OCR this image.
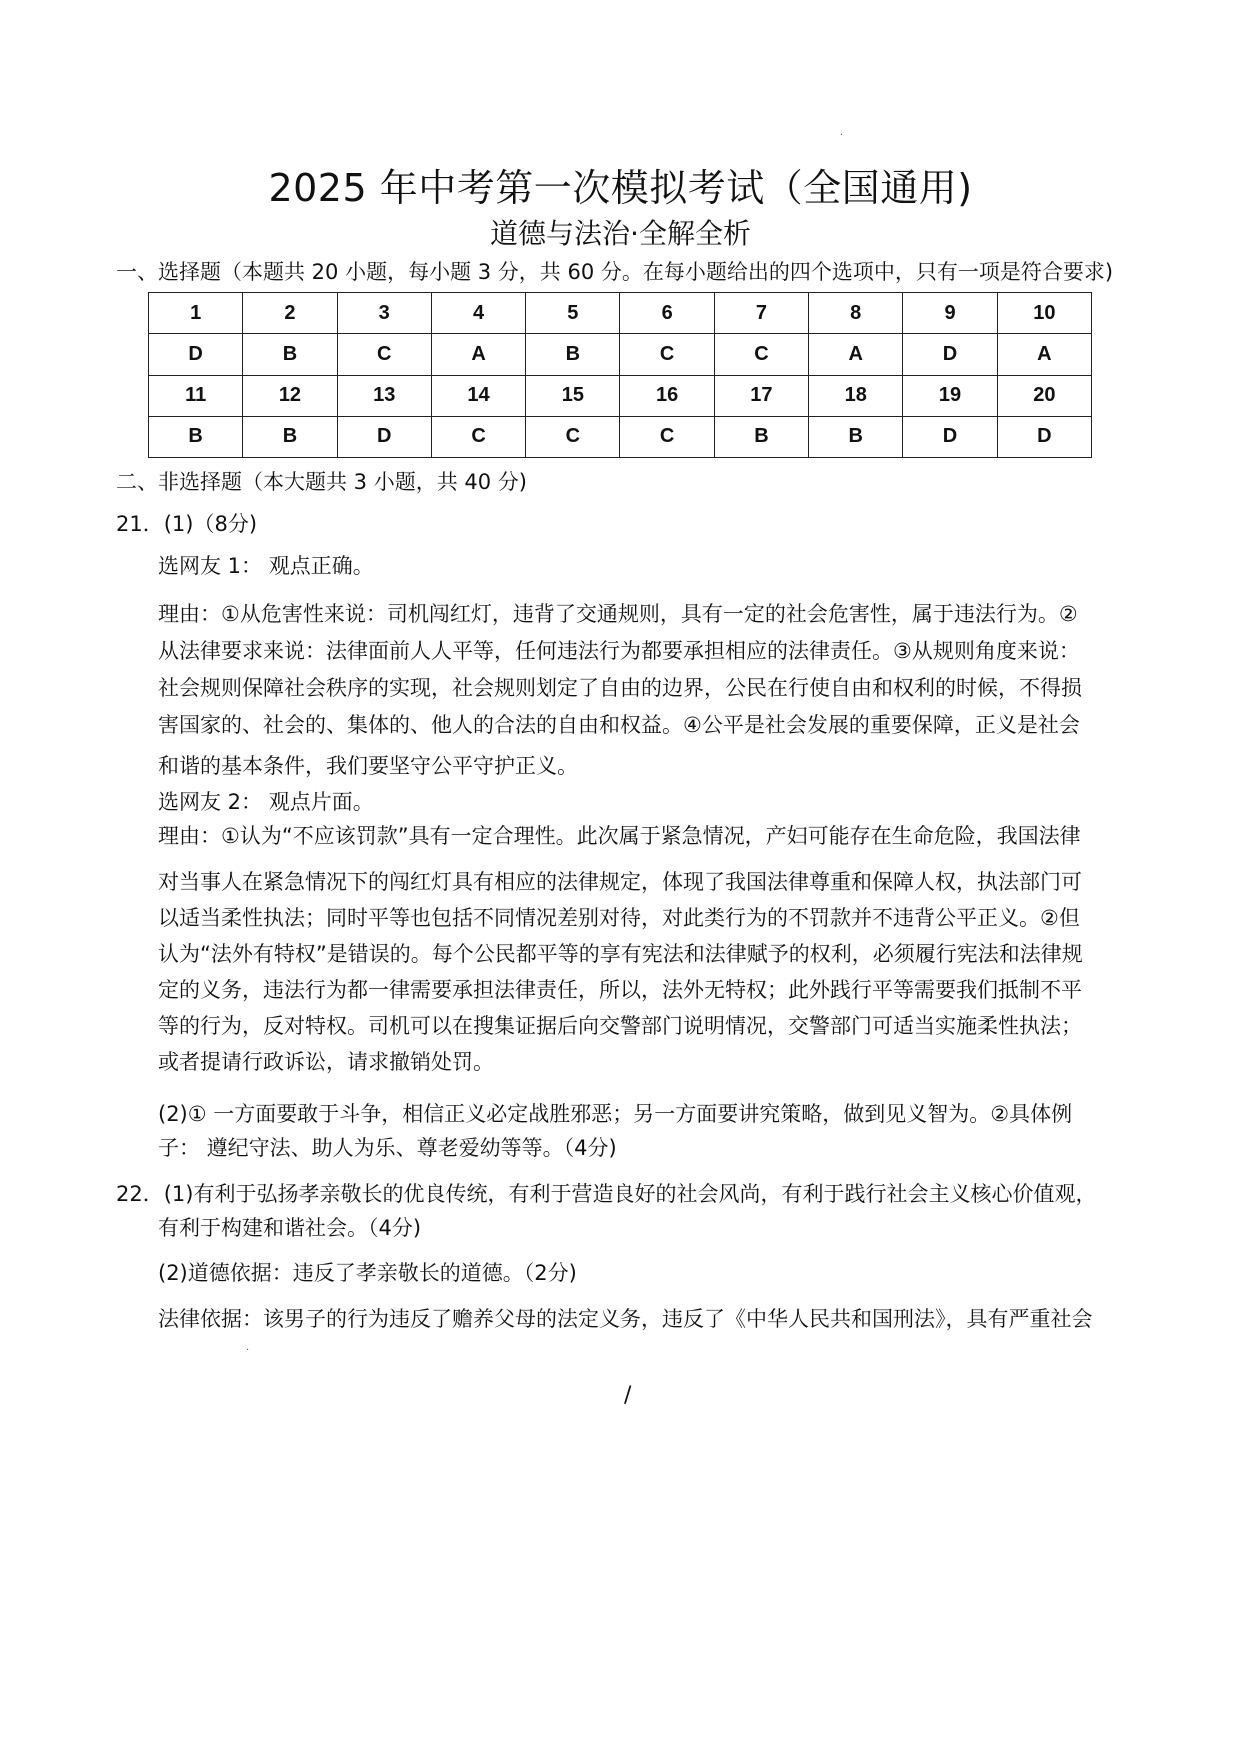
2025 年中考第一次模拟考试（全国通用)
道德与法治·全解全析
一、选择题（本题共 20 小题，每小题 3 分，共 60 分。在每小题给出的四个选项中，只有一项是符合要求)
1	2	3	4	5	6	7	8	9	10
D	B	C	A	B	C	C	A	D	A
11	12	13	14	15	16	17	18	19	20
B	B	D	C	C	C	B	B	D	D
二、非选择题（本大题共 3 小题，共 40 分)
21．(1)（8分)
选网友 1： 观点正确。
理由：①从危害性来说：司机闯红灯，违背了交通规则，具有一定的社会危害性，属于违法行为。②
从法律要求来说：法律面前人人平等，任何违法行为都要承担相应的法律责任。③从规则角度来说：
社会规则保障社会秩序的实现，社会规则划定了自由的边界，公民在行使自由和权利的时候，不得损
害国家的、社会的、集体的、他人的合法的自由和权益。④公平是社会发展的重要保障，正义是社会
和谐的基本条件，我们要坚守公平守护正义。
选网友 2： 观点片面。
理由：①认为“不应该罚款”具有一定合理性。此次属于紧急情况，产妇可能存在生命危险，我国法律
对当事人在紧急情况下的闯红灯具有相应的法律规定，体现了我国法律尊重和保障人权，执法部门可
以适当柔性执法；同时平等也包括不同情况差别对待，对此类行为的不罚款并不违背公平正义。②但
认为“法外有特权”是错误的。每个公民都平等的享有宪法和法律赋予的权利，必须履行宪法和法律规
定的义务，违法行为都一律需要承担法律责任，所以，法外无特权；此外践行平等需要我们抵制不平
等的行为，反对特权。司机可以在搜集证据后向交警部门说明情况，交警部门可适当实施柔性执法；
或者提请行政诉讼，请求撤销处罚。
(2)① 一方面要敢于斗争，相信正义必定战胜邪恶；另一方面要讲究策略，做到见义智为。②具体例
子： 遵纪守法、助人为乐、尊老爱幼等等。（4分)
22．(1)有利于弘扬孝亲敬长的优良传统，有利于营造良好的社会风尚，有利于践行社会主义核心价值观，
有利于构建和谐社会。（4分)
(2)道德依据：违反了孝亲敬长的道德。（2分)
法律依据：该男子的行为违反了赡养父母的法定义务，违反了《中华人民共和国刑法》，具有严重社会
·
·
/
